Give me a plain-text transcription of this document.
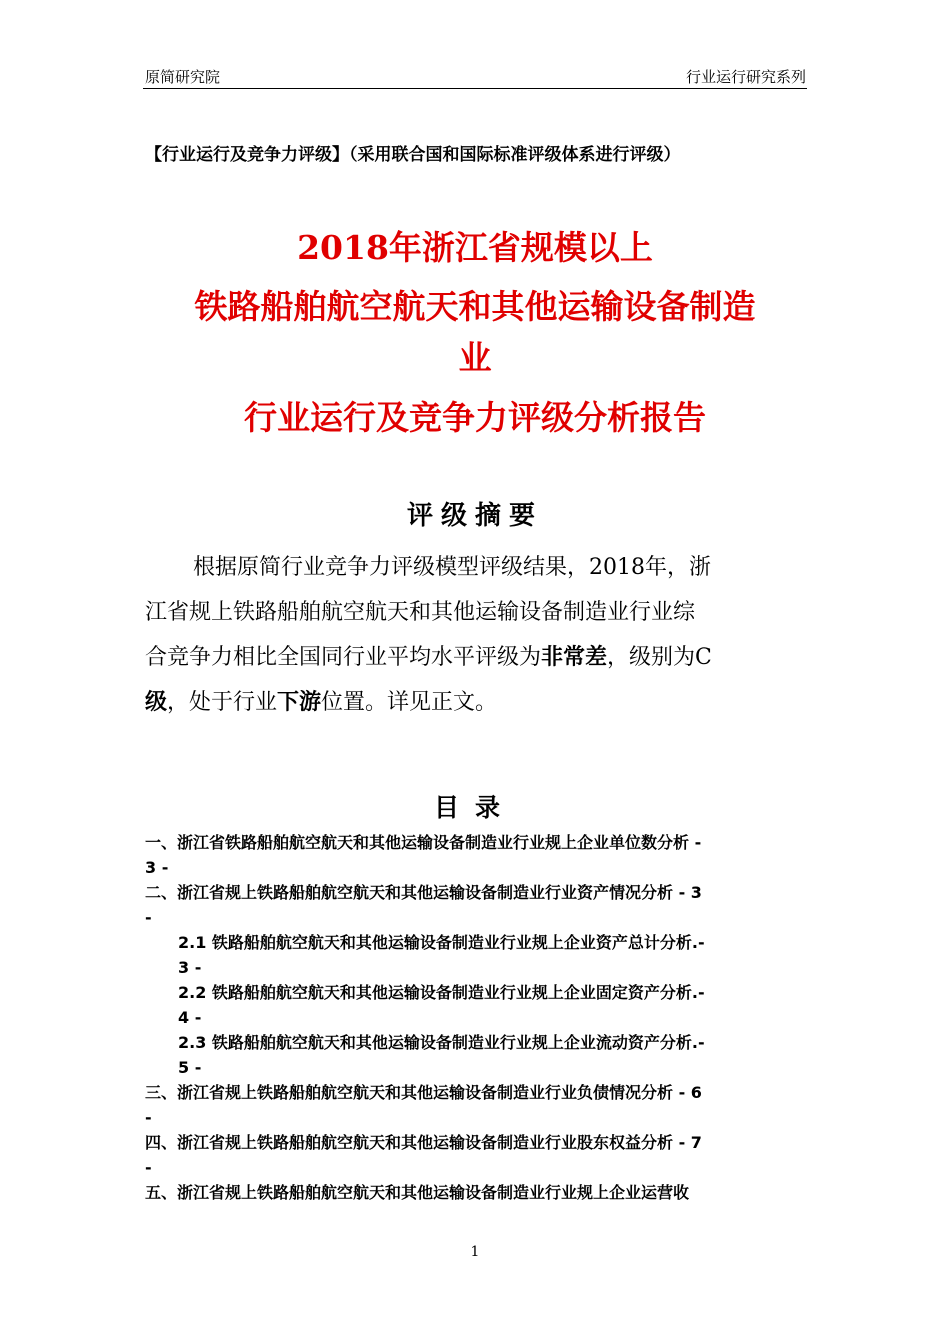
原简研究院	行业运行研究系列
【行业运行及竞争力评级】（采用联合国和国际标准评级体系进行评级）
2018年浙江省规模以上
铁路船舶航空航天和其他运输设备制造
业
行业运行及竞争力评级分析报告
评级摘要
根据原简行业竞争力评级模型评级结果，2018年，浙
江省规上铁路船舶航空航天和其他运输设备制造业行业综
合竞争力相比全国同行业平均水平评级为非常差，级别为C
级，处于行业下游位置。详见正文。
目录
一、浙江省铁路船舶航空航天和其他运输设备制造业行业规上企业单位数分析 -
3 -
二、浙江省规上铁路船舶航空航天和其他运输设备制造业行业资产情况分析 - 3
-
2.1 铁路船舶航空航天和其他运输设备制造业行业规上企业资产总计分析.-
3 -
2.2 铁路船舶航空航天和其他运输设备制造业行业规上企业固定资产分析.-
4 -
2.3 铁路船舶航空航天和其他运输设备制造业行业规上企业流动资产分析.-
5 -
三、浙江省规上铁路船舶航空航天和其他运输设备制造业行业负债情况分析 - 6
-
四、浙江省规上铁路船舶航空航天和其他运输设备制造业行业股东权益分析 - 7
-
五、浙江省规上铁路船舶航空航天和其他运输设备制造业行业规上企业运营收
1
